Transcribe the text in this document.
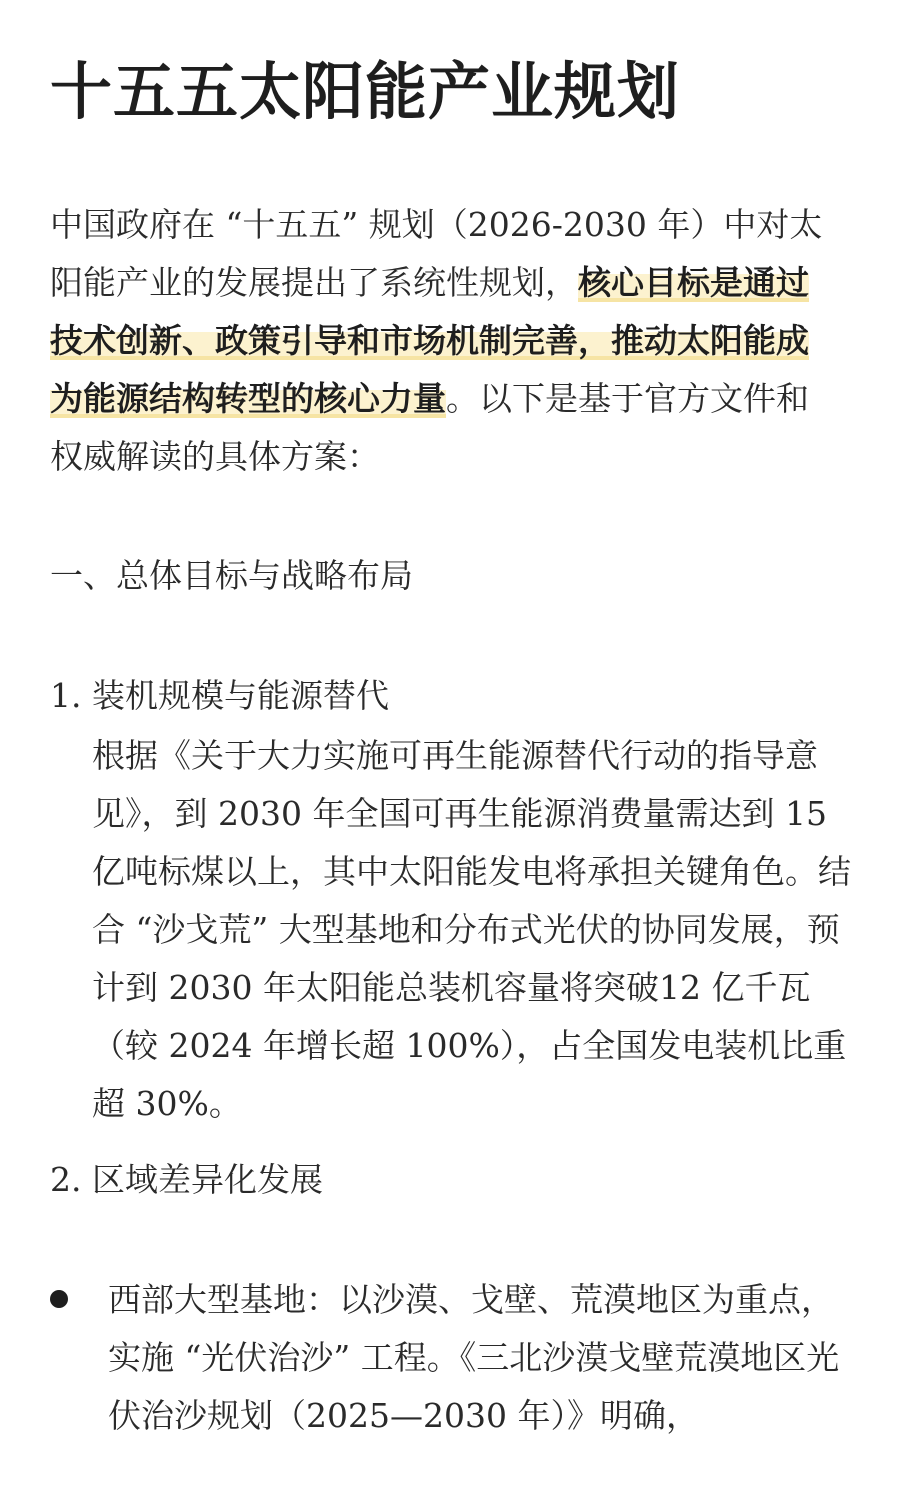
十五五太阳能产业规划

中国政府在 “十五五” 规划（2026-2030 年）中对太阳能产业的发展提出了系统性规划，核心目标是通过技术创新、政策引导和市场机制完善，推动太阳能成为能源结构转型的核心力量。以下是基于官方文件和权威解读的具体方案：

一、总体目标与战略布局
1. 装机规模与能源替代

根据《关于大力实施可再生能源替代行动的指导意见》，到 2030 年全国可再生能源消费量需达到 15 亿吨标煤以上，其中太阳能发电将承担关键角色。结合 “沙戈荒” 大型基地和分布式光伏的协同发展，预计到 2030 年太阳能总装机容量将突破12 亿千瓦（较 2024 年增长超 100%），占全国发电装机比重超 30%。

2. 区域差异化发展

西部大型基地：以沙漠、戈壁、荒漠地区为重点，实施 “光伏治沙” 工程。《三北沙漠戈壁荒漠地区光伏治沙规划（2025—2030 年）》明确，
